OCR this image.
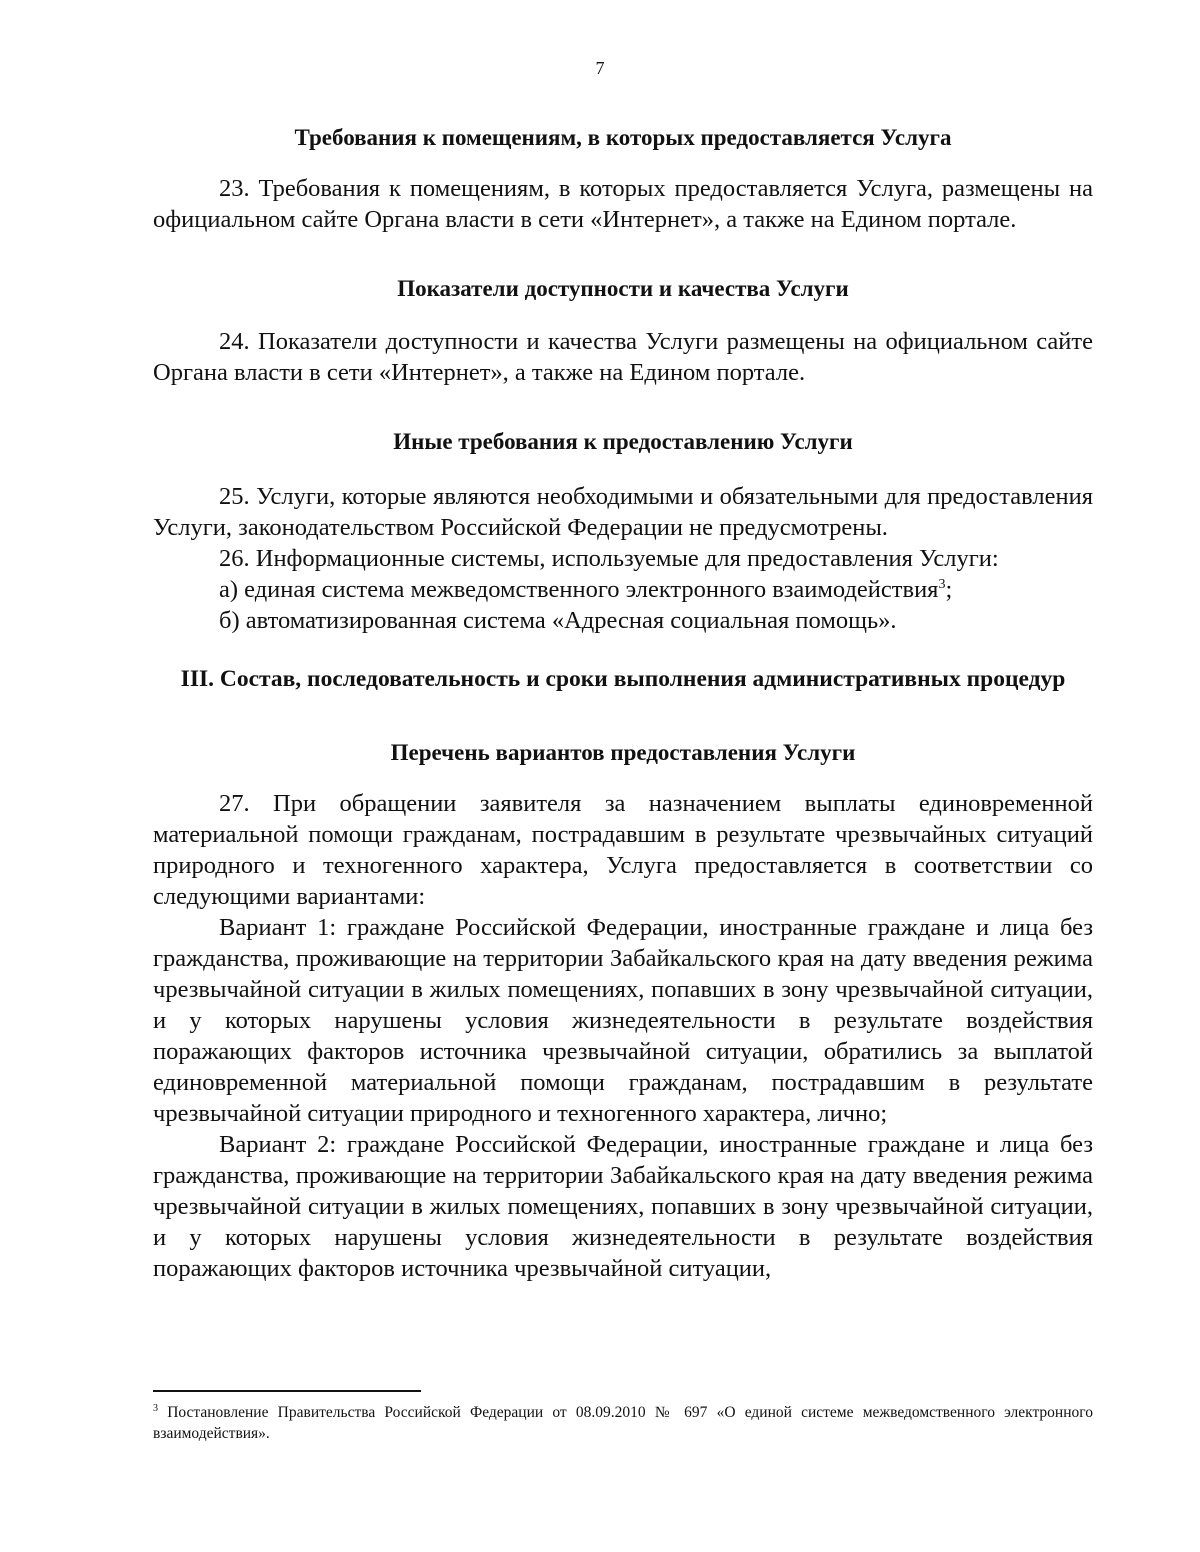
7
Требования к помещениям, в которых предоставляется Услуга

23. Требования к помещениям, в которых предоставляется Услуга, размещены на официальном сайте Органа власти в сети «Интернет», а также на Едином портале.

Показатели доступности и качества Услуги

24. Показатели доступности и качества Услуги размещены на официальном сайте Органа власти в сети «Интернет», а также на Едином портале.

Иные требования к предоставлению Услуги

25. Услуги, которые являются необходимыми и обязательными для предоставления Услуги, законодательством Российской Федерации не предусмотрены.

26. Информационные системы, используемые для предоставления Услуги:

а) единая система межведомственного электронного взаимодействия$^3$;

б) автоматизированная система «Адресная социальная помощь».

III. Состав, последовательность и сроки выполнения административных процедур
Перечень вариантов предоставления Услуги

27. При обращении заявителя за назначением выплаты единовременной материальной помощи гражданам, пострадавшим в результате чрезвычайных ситуаций природного и техногенного характера, Услуга предоставляется в соответствии со следующими вариантами:

Вариант 1: граждане Российской Федерации, иностранные граждане и лица без гражданства, проживающие на территории Забайкальского края на дату введения режима чрезвычайной ситуации в жилых помещениях, попавших в зону чрезвычайной ситуации, и у которых нарушены условия жизнедеятельности в результате воздействия поражающих факторов источника чрезвычайной ситуации, обратились за выплатой единовременной материальной помощи гражданам, пострадавшим в результате чрезвычайной ситуации природного и техногенного характера, лично;

Вариант 2: граждане Российской Федерации, иностранные граждане и лица без гражданства, проживающие на территории Забайкальского края на дату введения режима чрезвычайной ситуации в жилых помещениях, попавших в зону чрезвычайной ситуации, и у которых нарушены условия жизнедеятельности в результате воздействия поражающих факторов источника чрезвычайной ситуации,

$^3$ Постановление Правительства Российской Федерации от 08.09.2010 № 697 «О единой системе межведомственного электронного взаимодействия».
